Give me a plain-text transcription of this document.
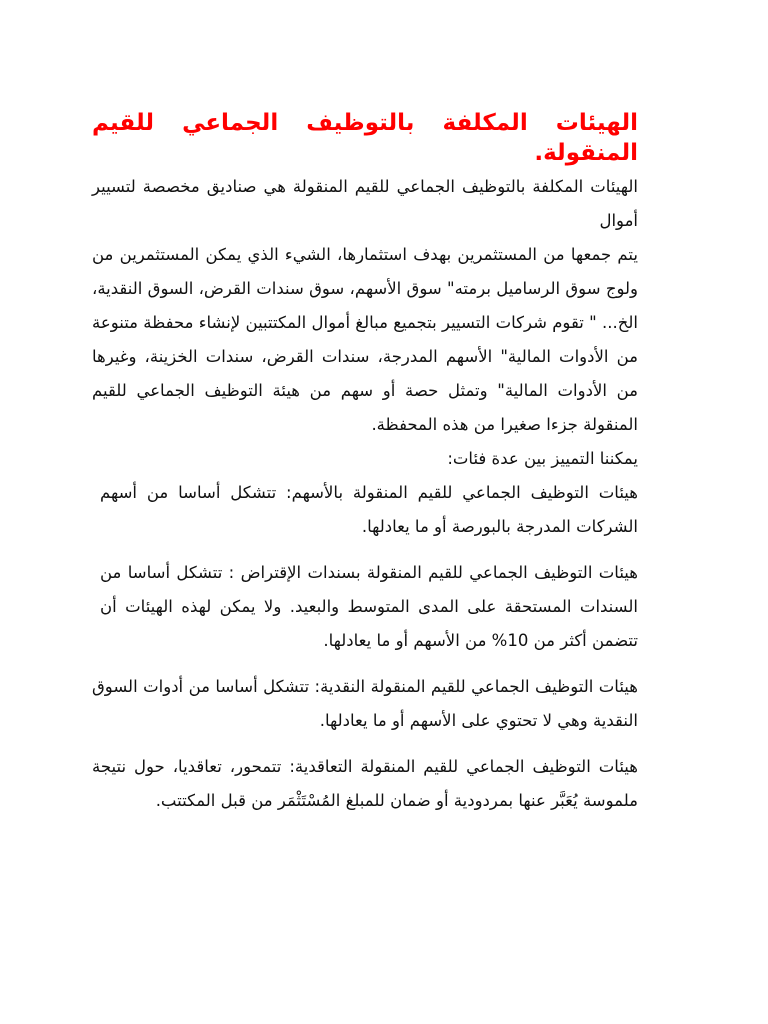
الهيئات المكلفة بالتوظيف الجماعي للقيم المنقولة.

الهيئات المكلفة بالتوظيف الجماعي للقيم المنقولة هي صناديق مخصصة لتسيير أموال

يتم جمعها من المستثمرين بهدف استثمارها، الشيء الذي يمكن المستثمرين من ولوج سوق الرساميل برمته" سوق الأسهم، سوق سندات القرض، السوق النقدية، الخ... " تقوم شركات التسيير بتجميع مبالغ أموال المكتتبين لإنشاء محفظة متنوعة من الأدوات المالية" الأسهم المدرجة، سندات القرض، سندات الخزينة، وغيرها من الأدوات المالية" وتمثل حصة أو سهم من هيئة التوظيف الجماعي للقيم المنقولة جزءا صغيرا من هذه المحفظة.

يمكننا التمييز بين عدة فئات:

هيئات التوظيف الجماعي للقيم المنقولة بالأسهم: تتشكل أساسا من أسهم الشركات المدرجة بالبورصة أو ما يعادلها.

هيئات التوظيف الجماعي للقيم المنقولة بسندات الإقتراض : تتشكل أساسا من السندات المستحقة على المدى المتوسط والبعيد. ولا يمكن لهذه الهيئات أن تتضمن أكثر من 10% من الأسهم أو ما يعادلها.

هيئات التوظيف الجماعي للقيم المنقولة النقدية: تتشكل أساسا من أدوات السوق النقدية وهي لا تحتوي على الأسهم أو ما يعادلها.

هيئات التوظيف الجماعي للقيم المنقولة التعاقدية: تتمحور، تعاقديا، حول نتيجة ملموسة يُعَبَّر عنها بمردودية أو ضمان للمبلغ المُسْتَثْمَر من قبل المكتتب.
